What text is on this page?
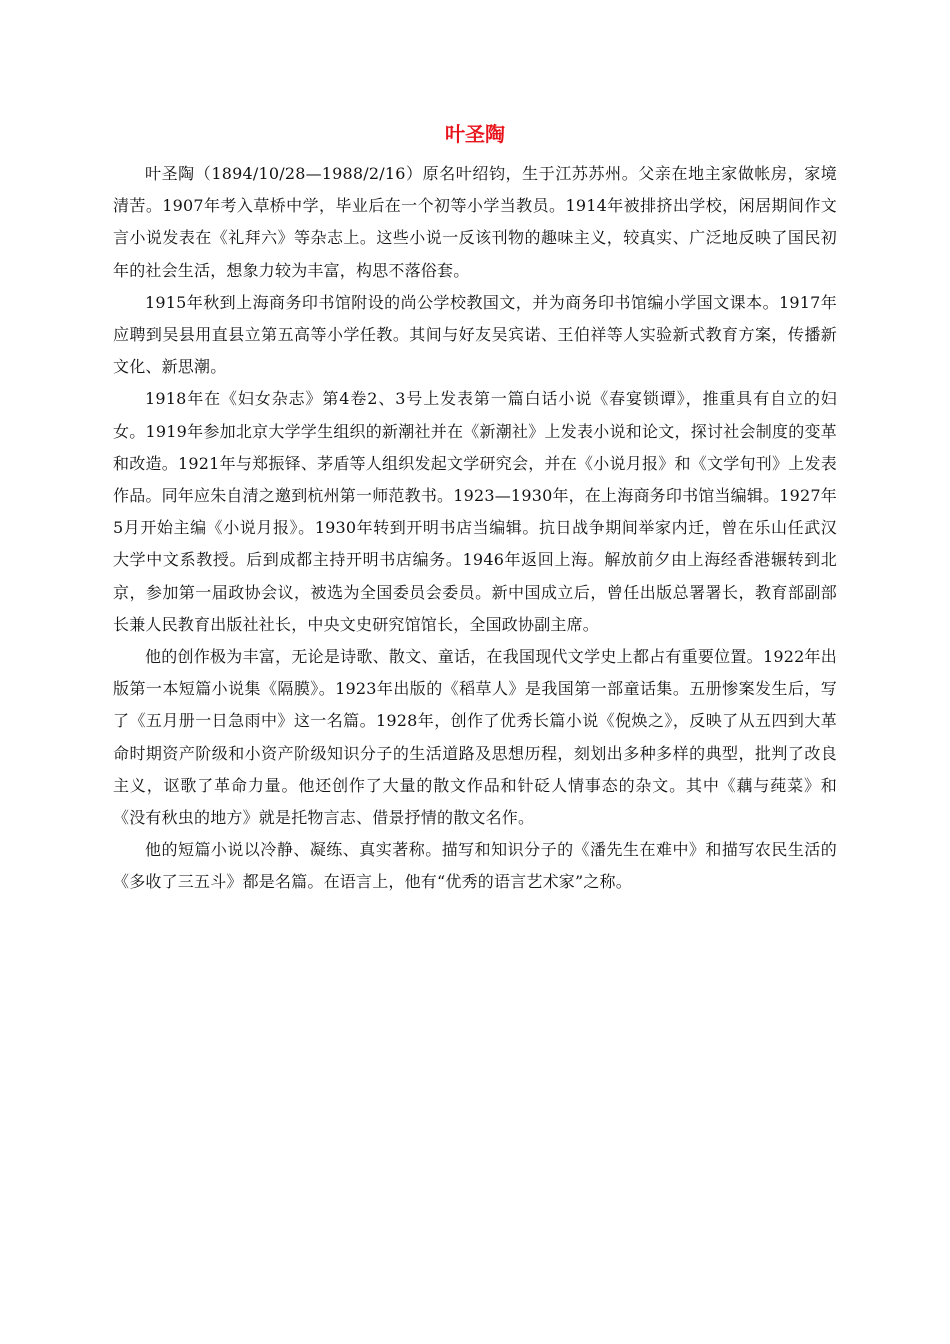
叶圣陶

叶圣陶（1894/10/28—1988/2/16）原名叶绍钧，生于江苏苏州。父亲在地主家做帐房，家境清苦。1907年考入草桥中学，毕业后在一个初等小学当教员。1914年被排挤出学校，闲居期间作文言小说发表在《礼拜六》等杂志上。这些小说一反该刊物的趣味主义，较真实、广泛地反映了国民初年的社会生活，想象力较为丰富，构思不落俗套。

1915年秋到上海商务印书馆附设的尚公学校教国文，并为商务印书馆编小学国文课本。1917年应聘到吴县用直县立第五高等小学任教。其间与好友吴宾诺、王伯祥等人实验新式教育方案，传播新文化、新思潮。

1918年在《妇女杂志》第4卷2、3号上发表第一篇白话小说《春宴锁谭》，推重具有自立的妇女。1919年参加北京大学学生组织的新潮社并在《新潮社》上发表小说和论文，探讨社会制度的变革和改造。1921年与郑振铎、茅盾等人组织发起文学研究会，并在《小说月报》和《文学旬刊》上发表作品。同年应朱自清之邀到杭州第一师范教书。1923—1930年，在上海商务印书馆当编辑。1927年5月开始主编《小说月报》。1930年转到开明书店当编辑。抗日战争期间举家内迁，曾在乐山任武汉大学中文系教授。后到成都主持开明书店编务。1946年返回上海。解放前夕由上海经香港辗转到北京，参加第一届政协会议，被选为全国委员会委员。新中国成立后，曾任出版总署署长，教育部副部长兼人民教育出版社社长，中央文史研究馆馆长，全国政协副主席。

他的创作极为丰富，无论是诗歌、散文、童话，在我国现代文学史上都占有重要位置。1922年出版第一本短篇小说集《隔膜》。1923年出版的《稻草人》是我国第一部童话集。五册惨案发生后，写了《五月册一日急雨中》这一名篇。1928年，创作了优秀长篇小说《倪焕之》，反映了从五四到大革命时期资产阶级和小资产阶级知识分子的生活道路及思想历程，刻划出多种多样的典型，批判了改良主义，讴歌了革命力量。他还创作了大量的散文作品和针砭人情事态的杂文。其中《藕与莼菜》和《没有秋虫的地方》就是托物言志、借景抒情的散文名作。

他的短篇小说以冷静、凝练、真实著称。描写和知识分子的《潘先生在难中》和描写农民生活的《多收了三五斗》都是名篇。在语言上，他有“优秀的语言艺术家”之称。
